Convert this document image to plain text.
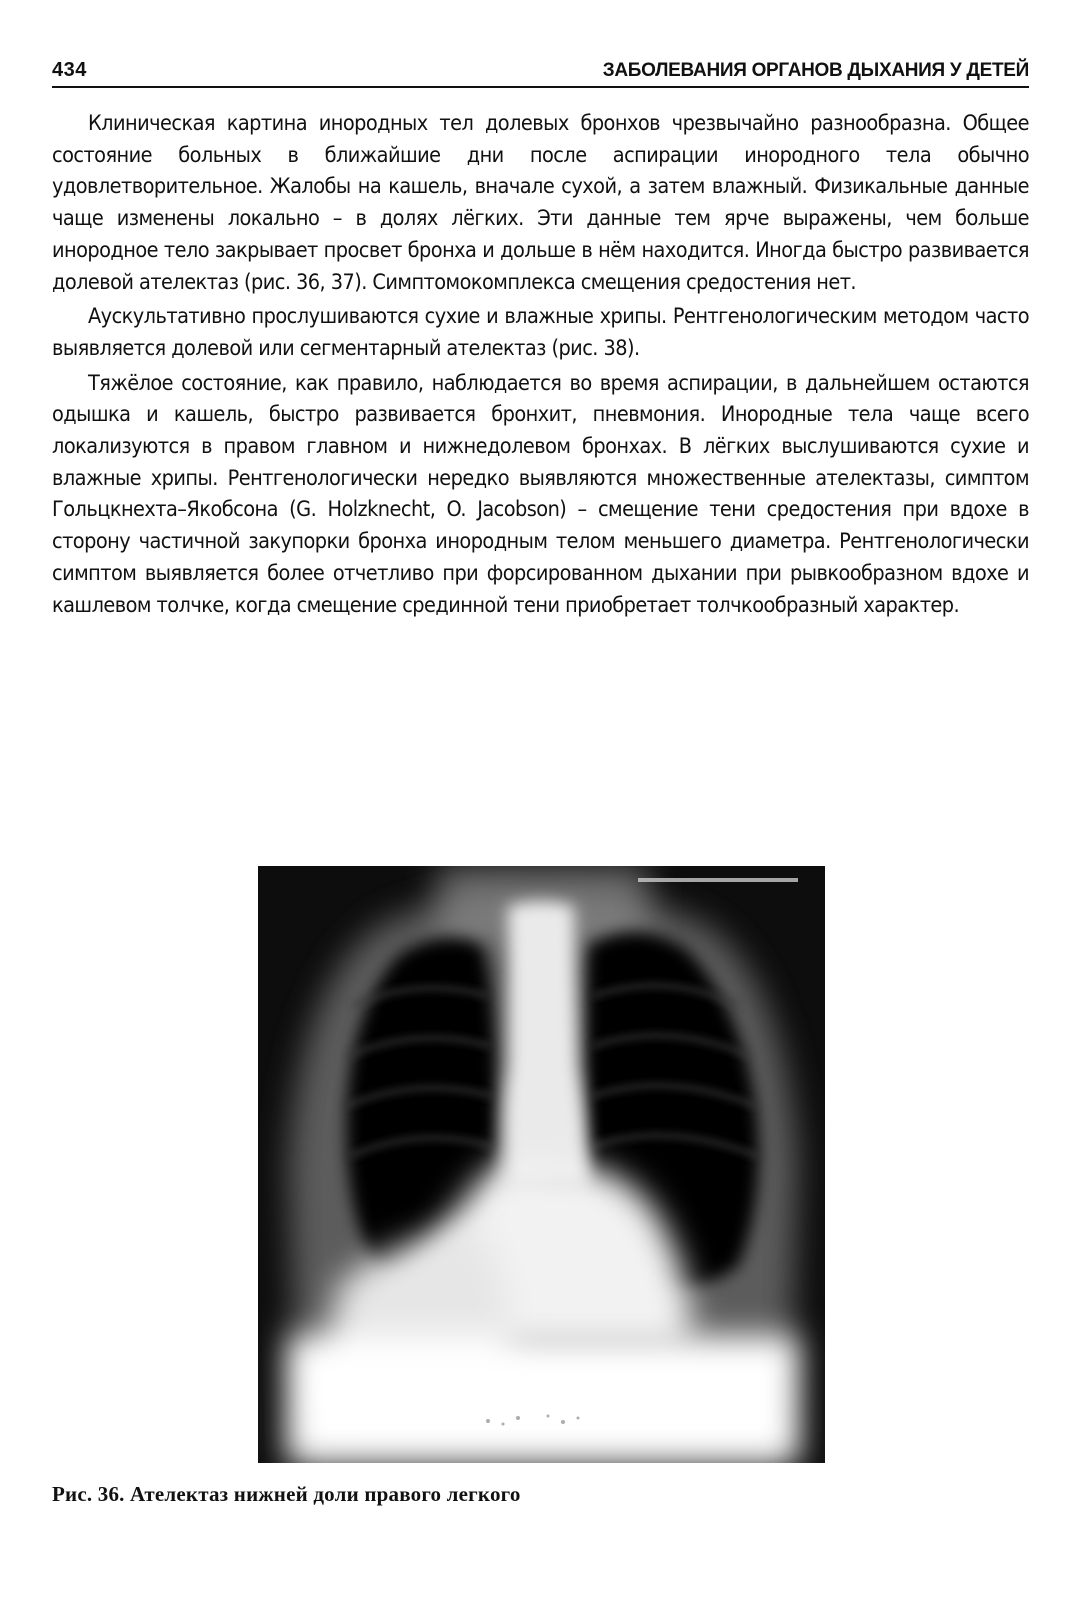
434	ЗАБОЛЕВАНИЯ ОРГАНОВ ДЫХАНИЯ У ДЕТЕЙ

Клиническая картина инородных тел долевых бронхов чрезвычайно разнообразна. Общее состояние больных в ближайшие дни после аспирации инородного тела обычно удовлетворительное. Жалобы на кашель, вначале сухой, а затем влажный. Физикальные данные чаще изменены локально – в долях лёгких. Эти данные тем ярче выражены, чем больше инородное тело закрывает просвет бронха и дольше в нём находится. Иногда быстро развивается долевой ателектаз (рис. 36, 37). Симптомокомплекса смещения средостения нет.

Аускультативно прослушиваются сухие и влажные хрипы. Рентгенологическим методом часто выявляется долевой или сегментарный ателектаз (рис. 38).

Тяжёлое состояние, как правило, наблюдается во время аспирации, в дальнейшем остаются одышка и кашель, быстро развивается бронхит, пневмония. Инородные тела чаще всего локализуются в правом главном и нижнедолевом бронхах. В лёгких выслушиваются сухие и влажные хрипы. Рентгенологически нередко выявляются множественные ателектазы, симптом Гольцкнехта–Якобсона (G. Holzknecht, O. Jacobson) – смещение тени средостения при вдохе в сторону частичной закупорки бронха инородным телом меньшего диаметра. Рентгенологически симптом выявляется более отчетливо при форсированном дыхании при рывкообразном вдохе и кашлевом толчке, когда смещение срединной тени приобретает толчкообразный характер.

Рис. 36. Ателектаз нижней доли правого легкого
